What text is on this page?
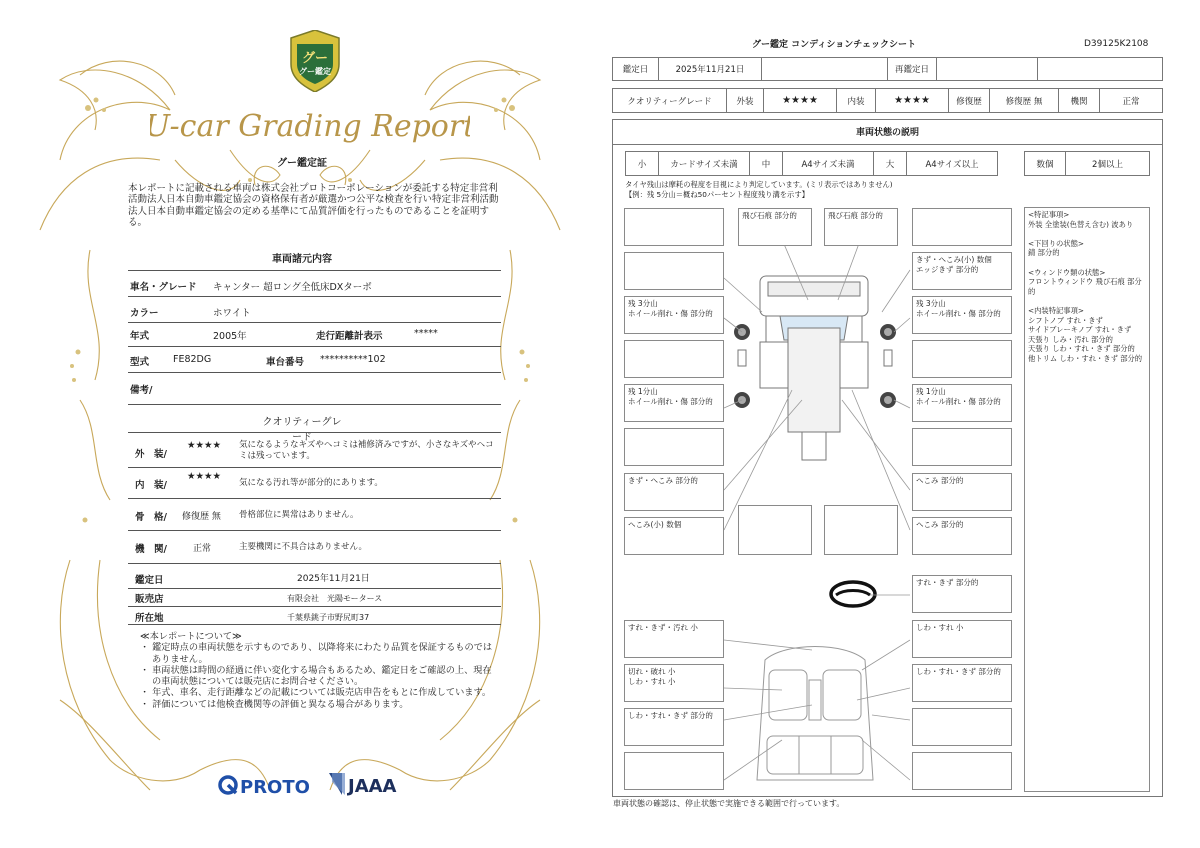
グー
グー鑑定
U-car Grading Report
グー鑑定証
本レポートに記載される車両は株式会社プロトコーポレーションが委託する特定非営利活動法人日本自動車鑑定協会の資格保有者が厳選かつ公平な検査を行い特定非営利活動法人日本自動車鑑定協会の定める基準にて品質評価を行ったものであることを証明する。
車両諸元内容
車名・グレード キャンター 超ロング全低床DXターボ
カラー	ホワイト
年式	2005年	走行距離計表示	*****
型式	FE82DG	車台番号 **********102
備考/
クオリティーグレード
外　装/
★★★★ 気になるようなキズやヘコミは補修済みですが、小さなキズやヘコミは残っています。
内　装/
★★★★
気になる汚れ等が部分的にあります。
骨　格/ 修復歴 無 骨格部位に異常はありません。
機　関/	正常	主要機関に不具合はありません。
鑑定日	2025年11月21日
販売店	有限会社　光陽モータース
所在地	千葉県銚子市野尻町37
≪本レポートについて≫
・ 鑑定時点の車両状態を示すものであり、以降将来にわたり品質を保証するものではありません。
・ 車両状態は時間の経過に伴い変化する場合もあるため、鑑定日をご確認の上、現在の車両状態については販売店にお問合せください。
・ 年式、車名、走行距離などの記載については販売店申告をもとに作成しています。
・ 評価については他検査機関等の評価と異なる場合があります。
PROTO JAAA
グー鑑定 コンディションチェックシート	D39125K2108
鑑定日	2025年11月21日	再鑑定日
クオリティーグレード	外装	★★★★	内装	★★★★	修復歴	修復歴 無	機関	正常
車両状態の説明
小	カードサイズ未満	中	A4サイズ未満	大	A4サイズ以上	数個	2個以上
タイヤ残山は摩耗の程度を目視により判定しています。(ミリ表示ではありません)
【例：残 5分山＝概ね50パーセント程度残り溝を示す】
<特記事項>
外装 全塗装(色替え含む) 波あり

<下回りの状態>
錆 部分的

<ウィンドウ類の状態>
フロントウィンドウ 飛び石痕 部分的

<内装特記事項>
シフトノブ すれ・きず
サイドブレーキノブ すれ・きず
天張り しみ・汚れ 部分的
天張り しわ・すれ・きず 部分的
他トリム しわ・すれ・きず 部分的
残 3分山
ホイール削れ・傷 部分的
残 1分山
ホイール削れ・傷 部分的
きず・へこみ 部分的
へこみ(小) 数個
飛び石痕 部分的	飛び石痕 部分的
きず・へこみ(小) 数個
エッジきず 部分的
残 3分山
ホイール削れ・傷 部分的
残 1分山
ホイール削れ・傷 部分的
へこみ 部分的
へこみ 部分的
すれ・きず 部分的
すれ・きず・汚れ 小	しわ・すれ 小
切れ・破れ 小
しわ・すれ 小
しわ・すれ・きず 部分的
しわ・すれ・きず 部分的
車両状態の確認は、停止状態で実施できる範囲で行っています。
